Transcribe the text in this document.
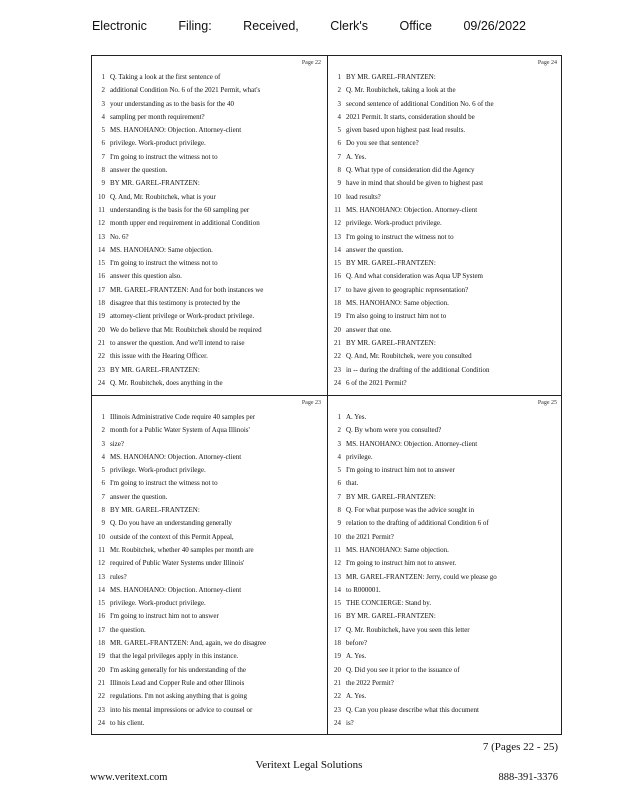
Electronic	Filing:	Received,	Clerk's	Office	09/26/2022
Page 22
1 Q. Taking a look at the first sentence of
2 additional Condition No. 6 of the 2021 Permit, what's
3 your understanding as to the basis for the 40
4 sampling per month requirement?
5 MS. HANOHANO: Objection. Attorney-client
6 privilege. Work-product privilege.
7 I'm going to instruct the witness not to
8 answer the question.
9 BY MR. GAREL-FRANTZEN:
10 Q. And, Mr. Roubitchek, what is your
11 understanding is the basis for the 60 sampling per
12 month upper end requirement in additional Condition
13 No. 6?
14 MS. HANOHANO: Same objection.
15 I'm going to instruct the witness not to
16 answer this question also.
17 MR. GAREL-FRANTZEN: And for both instances we
18 disagree that this testimony is protected by the
19 attorney-client privilege or Work-product privilege.
20 We do believe that Mr. Roubitchek should be required
21 to answer the question. And we'll intend to raise
22 this issue with the Hearing Officer.
23 BY MR. GAREL-FRANTZEN:
24 Q. Mr. Roubitchek, does anything in the
Page 24
1 BY MR. GAREL-FRANTZEN:
2 Q. Mr. Roubitchek, taking a look at the
3 second sentence of additional Condition No. 6 of the
4 2021 Permit. It starts, consideration should be
5 given based upon highest past lead results.
6 Do you see that sentence?
7 A. Yes.
8 Q. What type of consideration did the Agency
9 have in mind that should be given to highest past
10 lead results?
11 MS. HANOHANO: Objection. Attorney-client
12 privilege. Work-product privilege.
13 I'm going to instruct the witness not to
14 answer the question.
15 BY MR. GAREL-FRANTZEN:
16 Q. And what consideration was Aqua UP System
17 to have given to geographic representation?
18 MS. HANOHANO: Same objection.
19 I'm also going to instruct him not to
20 answer that one.
21 BY MR. GAREL-FRANTZEN:
22 Q. And, Mr. Roubitchek, were you consulted
23 in -- during the drafting of the additional Condition
24 6 of the 2021 Permit?
Page 23
1 Illinois Administrative Code require 40 samples per
2 month for a Public Water System of Aqua Illinois'
3 size?
4 MS. HANOHANO: Objection. Attorney-client
5 privilege. Work-product privilege.
6 I'm going to instruct the witness not to
7 answer the question.
8 BY MR. GAREL-FRANTZEN:
9 Q. Do you have an understanding generally
10 outside of the context of this Permit Appeal,
11 Mr. Roubitchek, whether 40 samples per month are
12 required of Public Water Systems under Illinois'
13 rules?
14 MS. HANOHANO: Objection. Attorney-client
15 privilege. Work-product privilege.
16 I'm going to instruct him not to answer
17 the question.
18 MR. GAREL-FRANTZEN: And, again, we do disagree
19 that the legal privileges apply in this instance.
20 I'm asking generally for his understanding of the
21 Illinois Lead and Copper Rule and other Illinois
22 regulations. I'm not asking anything that is going
23 into his mental impressions or advice to counsel or
24 to his client.
Page 25
1 A. Yes.
2 Q. By whom were you consulted?
3 MS. HANOHANO: Objection. Attorney-client
4 privilege.
5 I'm going to instruct him not to answer
6 that.
7 BY MR. GAREL-FRANTZEN:
8 Q. For what purpose was the advice sought in
9 relation to the drafting of additional Condition 6 of
10 the 2021 Permit?
11 MS. HANOHANO: Same objection.
12 I'm going to instruct him not to answer.
13 MR. GAREL-FRANTZEN: Jerry, could we please go
14 to R000001.
15 THE CONCIERGE: Stand by.
16 BY MR. GAREL-FRANTZEN:
17 Q. Mr. Roubitchek, have you seen this letter
18 before?
19 A. Yes.
20 Q. Did you see it prior to the issuance of
21 the 2022 Permit?
22 A. Yes.
23 Q. Can you please describe what this document
24 is?
7 (Pages 22 - 25)
Veritext Legal Solutions
www.veritext.com	888-391-3376
